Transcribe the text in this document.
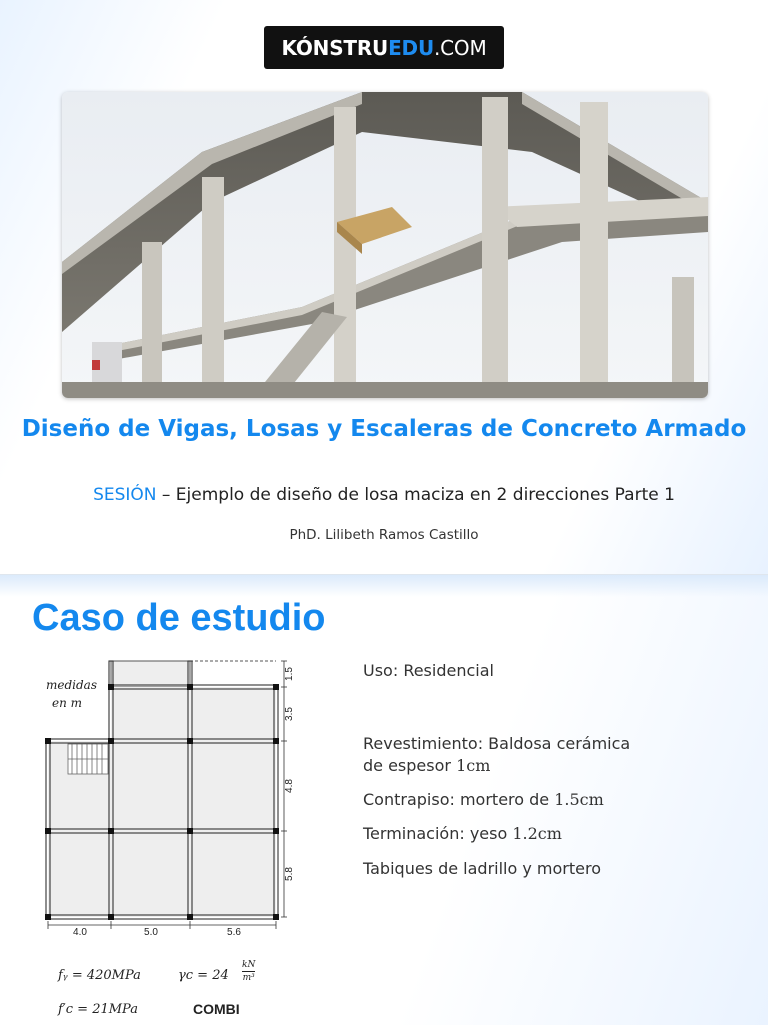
KÓNSTRU EDU .COM
Diseño de Vigas, Losas y Escaleras de Concreto Armado
SESIÓN – Ejemplo de diseño de losa maciza en 2 direcciones Parte 1
PhD. Lilibeth Ramos Castillo
Caso de estudio
medidas
en m
4.0	5.0	5.6
1.5
3.5
4.8
5.8
Uso: Residencial
Revestimiento: Baldosa cerámica
de espesor 1cm
Contrapiso: mortero de 1.5cm
Terminación: yeso 1.2cm
Tabiques de ladrillo y mortero
fᵧ = 420MPa	$\gamma c = 24 \frac{kN}{\text{m³}}$
f′c = 21MPa	COMBI
